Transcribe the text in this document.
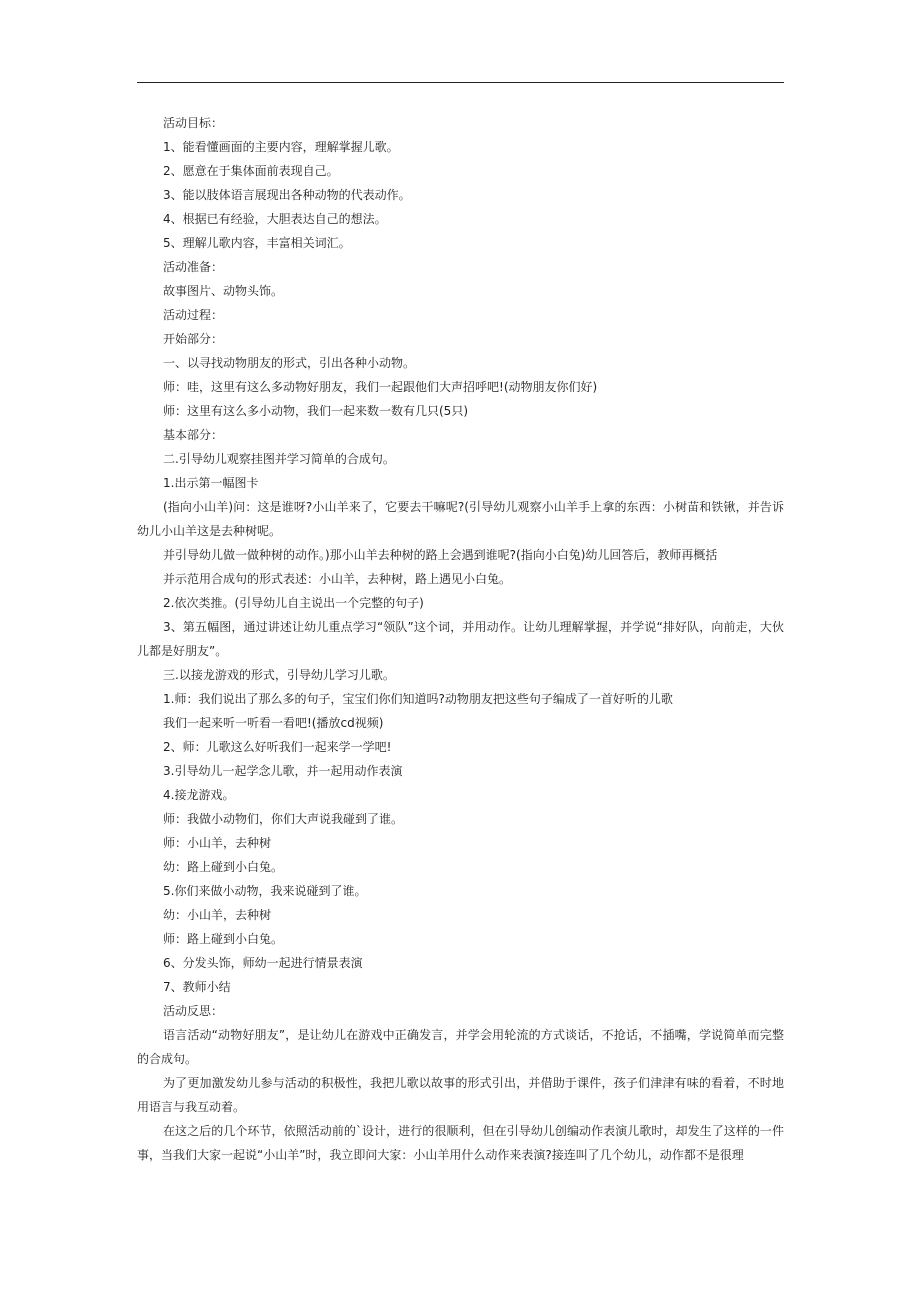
活动目标：

1、能看懂画面的主要内容，理解掌握儿歌。

2、愿意在于集体面前表现自己。

3、能以肢体语言展现出各种动物的代表动作。

4、根据已有经验，大胆表达自己的想法。

5、理解儿歌内容，丰富相关词汇。

活动准备：

故事图片、动物头饰。

活动过程：

开始部分：

一、以寻找动物朋友的形式，引出各种小动物。

师：哇，这里有这么多动物好朋友，我们一起跟他们大声招呼吧!(动物朋友你们好)

师：这里有这么多小动物，我们一起来数一数有几只(5只)

基本部分：

二.引导幼儿观察挂图并学习简单的合成句。

1.出示第一幅图卡

(指向小山羊)问：这是谁呀?小山羊来了，它要去干嘛呢?(引导幼儿观察小山羊手上拿的东西：小树苗和铁锹，并告诉幼儿小山羊这是去种树呢。

并引导幼儿做一做种树的动作。)那小山羊去种树的路上会遇到谁呢?(指向小白兔)幼儿回答后，教师再概括

并示范用合成句的形式表述：小山羊，去种树，路上遇见小白兔。

2.依次类推。(引导幼儿自主说出一个完整的句子)

3、第五幅图，通过讲述让幼儿重点学习“领队”这个词，并用动作。让幼儿理解掌握，并学说“排好队，向前走，大伙儿都是好朋友”。

三.以接龙游戏的形式，引导幼儿学习儿歌。

1.师：我们说出了那么多的句子，宝宝们你们知道吗?动物朋友把这些句子编成了一首好听的儿歌

我们一起来听一听看一看吧!(播放cd视频)

2、师：儿歌这么好听我们一起来学一学吧!

3.引导幼儿一起学念儿歌，并一起用动作表演

4.接龙游戏。

师：我做小动物们，你们大声说我碰到了谁。

师：小山羊，去种树

幼：路上碰到小白兔。

5.你们来做小动物，我来说碰到了谁。

幼：小山羊，去种树

师：路上碰到小白兔。

6、分发头饰，师幼一起进行情景表演

7、教师小结

活动反思：

语言活动“动物好朋友”，是让幼儿在游戏中正确发言，并学会用轮流的方式谈话，不抢话，不插嘴，学说简单而完整的合成句。

为了更加激发幼儿参与活动的积极性，我把儿歌以故事的形式引出，并借助于课件，孩子们津津有味的看着，不时地用语言与我互动着。

在这之后的几个环节，依照活动前的`设计，进行的很顺利，但在引导幼儿创编动作表演儿歌时，却发生了这样的一件事，当我们大家一起说“小山羊”时，我立即问大家：小山羊用什么动作来表演?接连叫了几个幼儿，动作都不是很理
